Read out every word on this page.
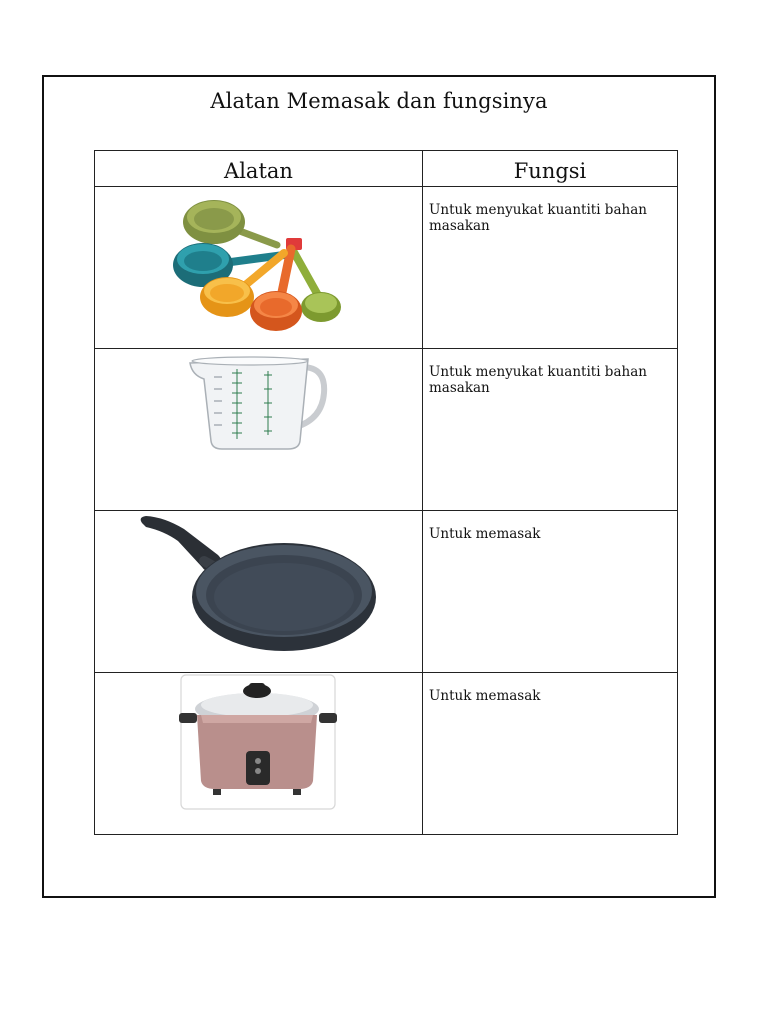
Alatan Memasak dan fungsinya
Alatan	Fungsi

	Untuk menyukat kuantiti bahan masakan

	Untuk menyukat kuantiti bahan masakan

	Untuk memasak

	Untuk memasak
